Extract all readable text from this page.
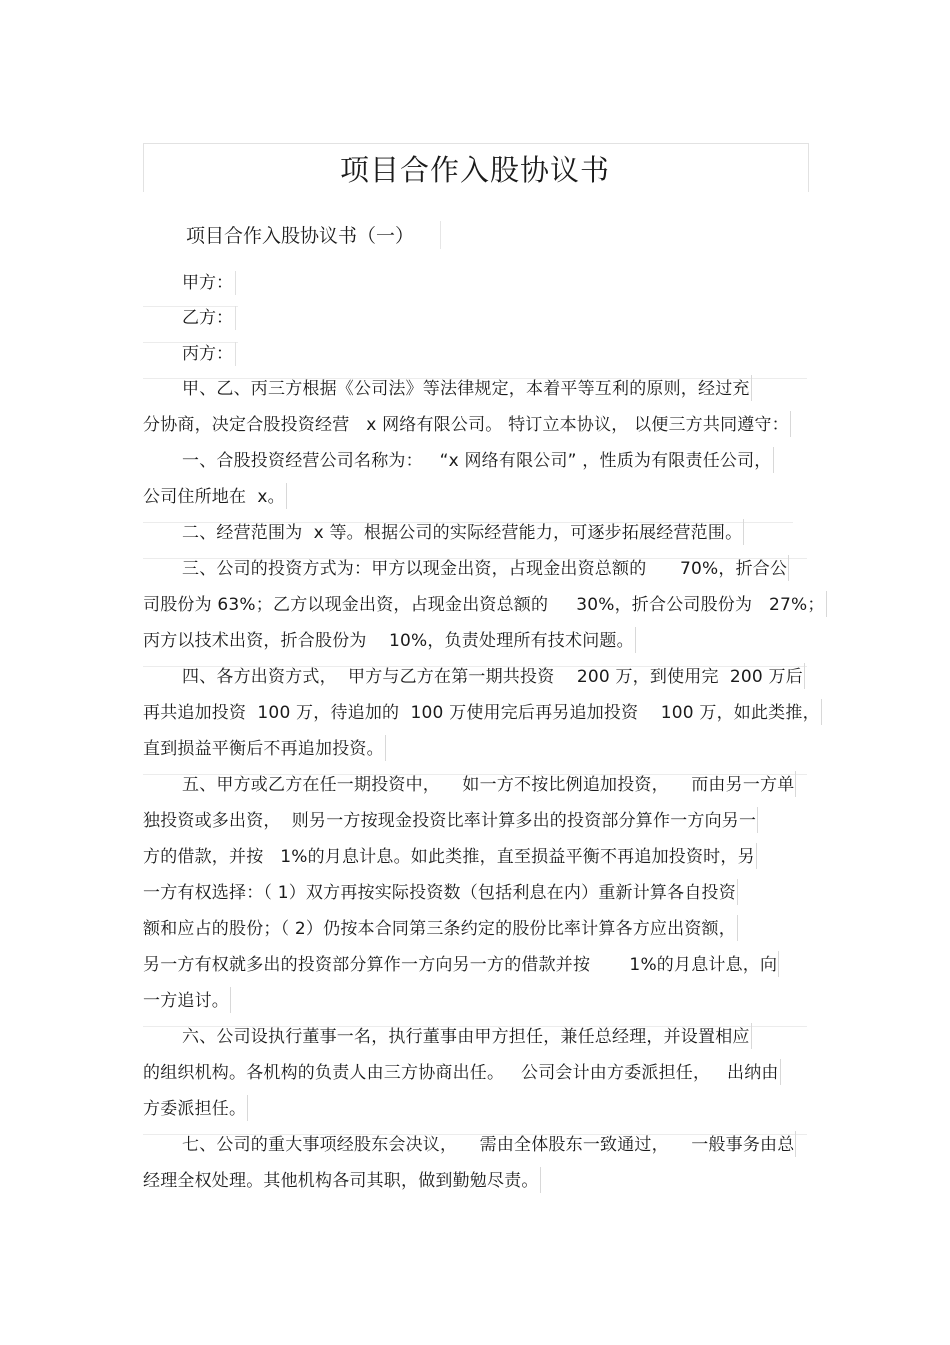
项目合作入股协议书
项目合作入股协议书（一）
甲方：
乙方：
丙方：
甲、乙、丙三方根据《公司法》等法律规定，本着平等互利的原则，经过充
分协商，决定合股投资经营   x 网络有限公司。 特订立本协议， 以便三方共同遵守：
一、合股投资经营公司名称为：   “x 网络有限公司” ，性质为有限责任公司，
公司住所地在  x。
二、经营范围为  x 等。根据公司的实际经营能力，可逐步拓展经营范围。
三、公司的投资方式为：甲方以现金出资，占现金出资总额的      70%，折合公
司股份为 63%；乙方以现金出资，占现金出资总额的     30%，折合公司股份为   27%；
丙方以技术出资，折合股份为    10%，负责处理所有技术问题。
四、各方出资方式，  甲方与乙方在第一期共投资    200 万，到使用完  200 万后
再共追加投资  100 万，待追加的  100 万使用完后再另追加投资    100 万，如此类推，
直到损益平衡后不再追加投资。
五、甲方或乙方在任一期投资中，    如一方不按比例追加投资，    而由另一方单
独投资或多出资，  则另一方按现金投资比率计算多出的投资部分算作一方向另一
方的借款，并按   1%的月息计息。如此类推，直至损益平衡不再追加投资时，另
一方有权选择：（ 1）双方再按实际投资数（包括利息在内）重新计算各自投资
额和应占的股份；（ 2）仍按本合同第三条约定的股份比率计算各方应出资额，
另一方有权就多出的投资部分算作一方向另一方的借款并按       1%的月息计息，向
一方追讨。
六、公司设执行董事一名，执行董事由甲方担任，兼任总经理，并设置相应
的组织机构。各机构的负责人由三方协商出任。   公司会计由方委派担任，   出纳由
方委派担任。
七、公司的重大事项经股东会决议，    需由全体股东一致通过，    一般事务由总
经理全权处理。其他机构各司其职，做到勤勉尽责。
